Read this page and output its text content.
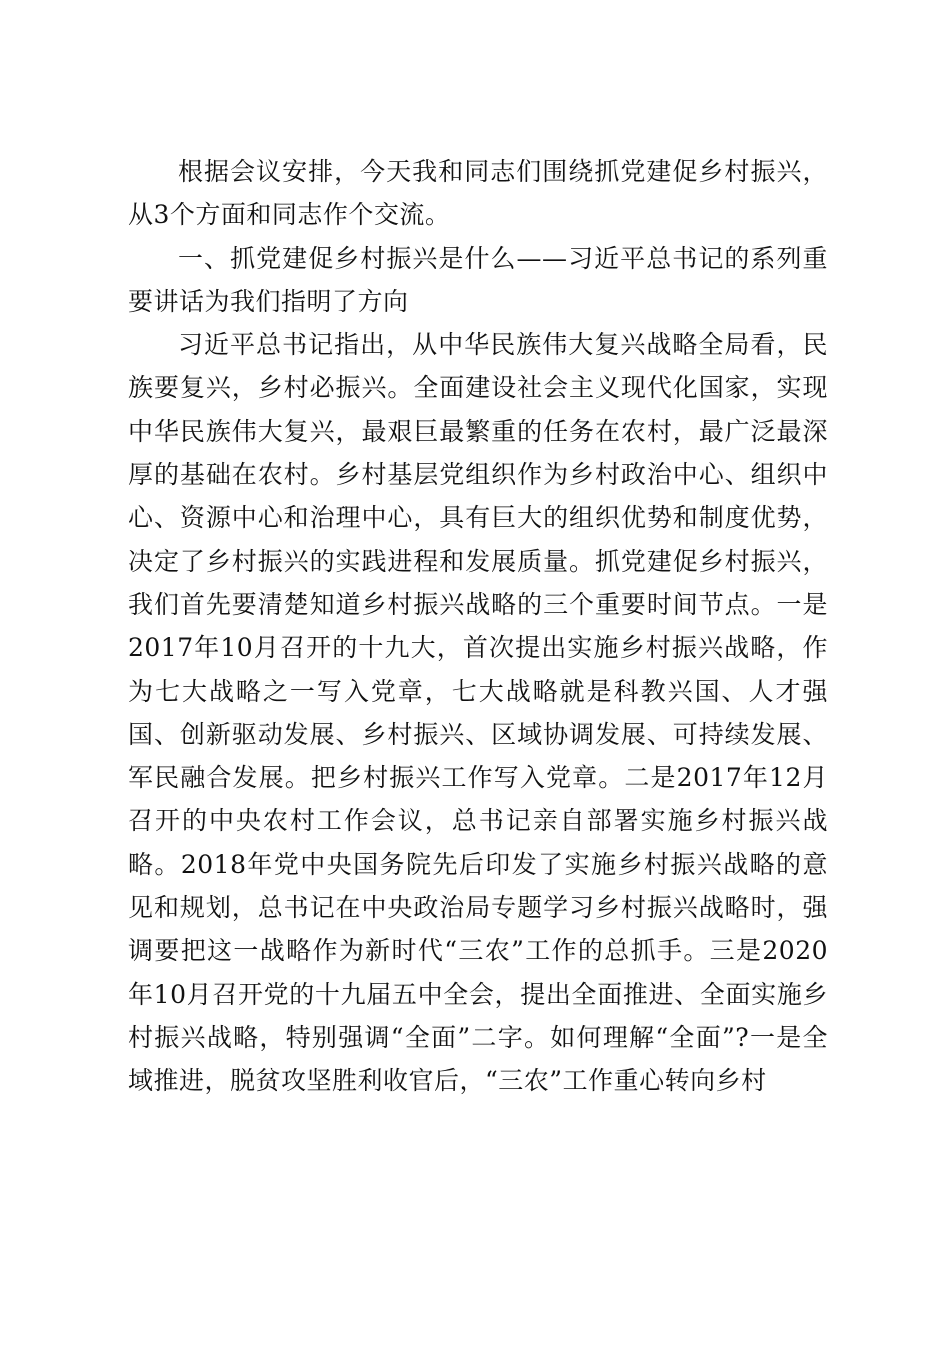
根据会议安排，今天我和同志们围绕抓党建促乡村振兴，从3个方面和同志作个交流。

一、抓党建促乡村振兴是什么——习近平总书记的系列重要讲话为我们指明了方向

习近平总书记指出，从中华民族伟大复兴战略全局看，民族要复兴，乡村必振兴。全面建设社会主义现代化国家，实现中华民族伟大复兴，最艰巨最繁重的任务在农村，最广泛最深厚的基础在农村。乡村基层党组织作为乡村政治中心、组织中心、资源中心和治理中心，具有巨大的组织优势和制度优势，决定了乡村振兴的实践进程和发展质量。抓党建促乡村振兴，我们首先要清楚知道乡村振兴战略的三个重要时间节点。一是2017年10月召开的十九大，首次提出实施乡村振兴战略，作为七大战略之一写入党章，七大战略就是科教兴国、人才强国、创新驱动发展、乡村振兴、区域协调发展、可持续发展、军民融合发展。把乡村振兴工作写入党章。二是2017年12月召开的中央农村工作会议，总书记亲自部署实施乡村振兴战略。2018年党中央国务院先后印发了实施乡村振兴战略的意见和规划，总书记在中央政治局专题学习乡村振兴战略时，强调要把这一战略作为新时代“三农”工作的总抓手。三是2020年10月召开党的十九届五中全会，提出全面推进、全面实施乡村振兴战略，特别强调“全面”二字。如何理解“全面”?一是全域推进，脱贫攻坚胜利收官后，“三农”工作重心转向乡村
